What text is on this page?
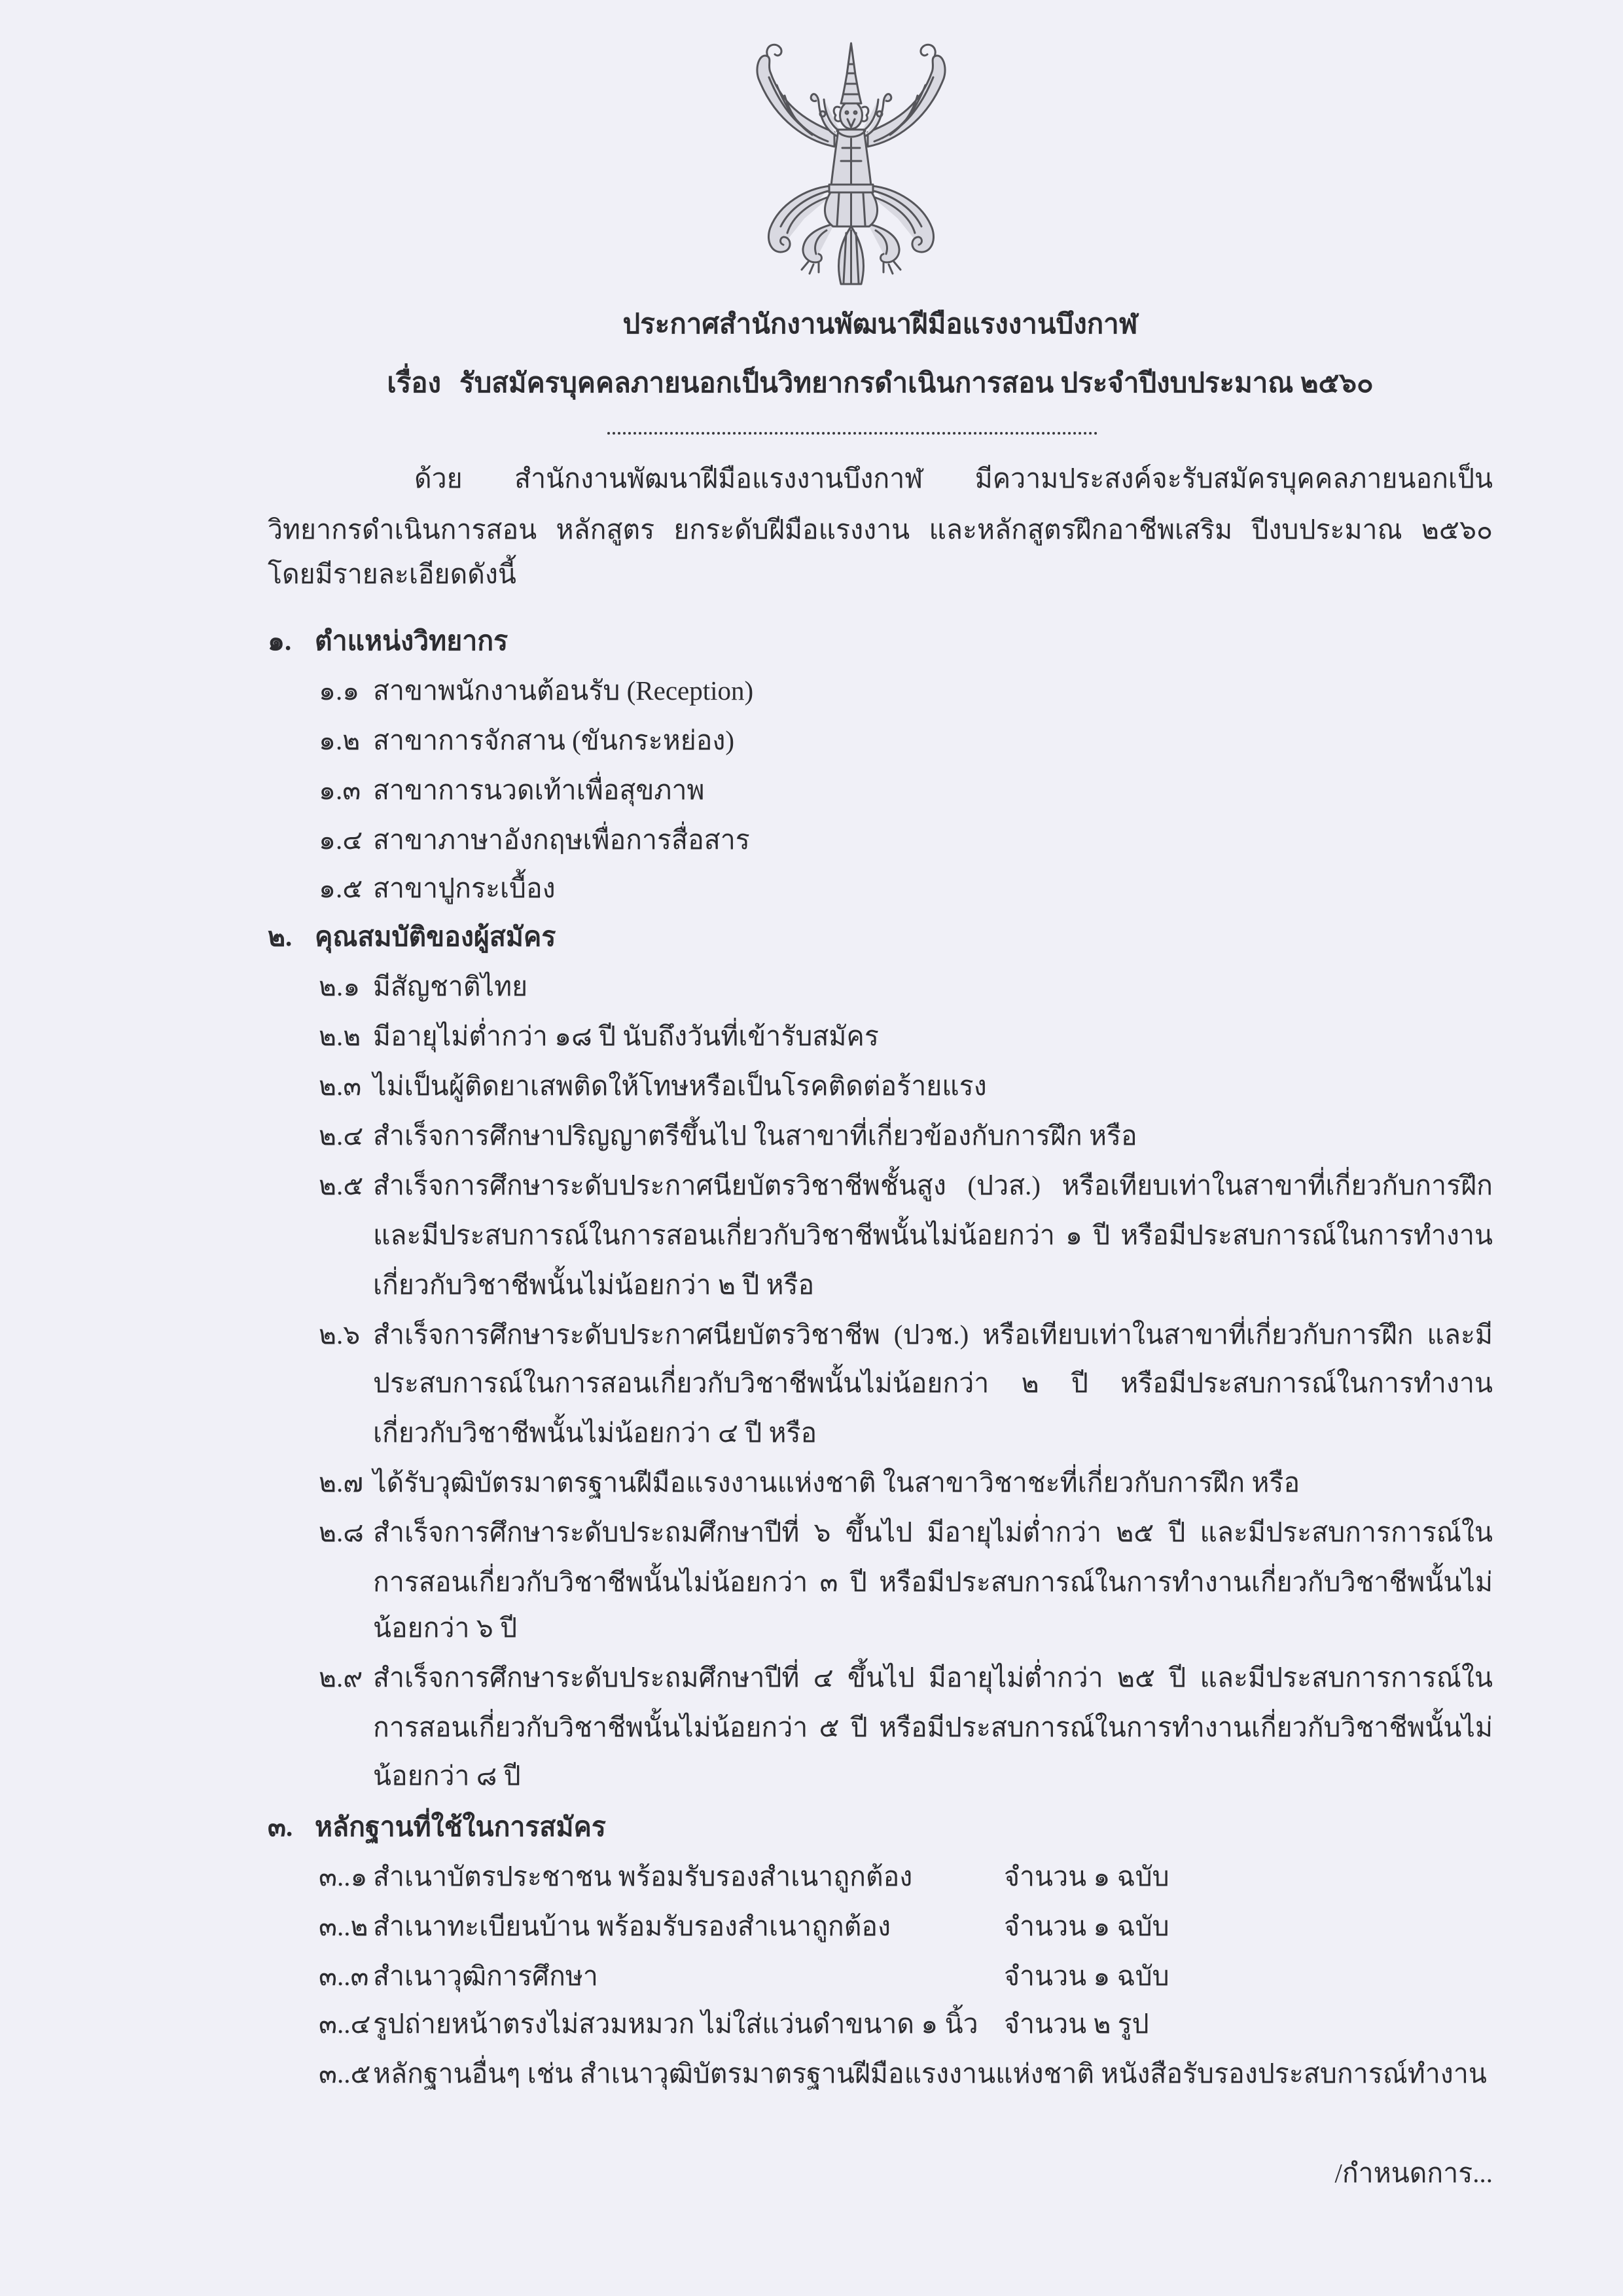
ประกาศสำนักงานพัฒนาฝีมือแรงงานบึงกาฬ
เรื่อง รับสมัครบุคคลภายนอกเป็นวิทยากรดำเนินการสอน ประจำปีงบประมาณ ๒๕๖๐
ด้วย สำนักงานพัฒนาฝีมือแรงงานบึงกาฬ มีความประสงค์จะรับสมัครบุคคลภายนอกเป็น
วิทยากรดำเนินการสอน หลักสูตร ยกระดับฝีมือแรงงาน และหลักสูตรฝึกอาชีพเสริม ปีงบประมาณ ๒๕๖๐
โดยมีรายละเอียดดังนี้
๑. ตำแหน่งวิทยากร
๑.๑ สาขาพนักงานต้อนรับ (Reception)
๑.๒ สาขาการจักสาน (ขันกระหย่อง)
๑.๓ สาขาการนวดเท้าเพื่อสุขภาพ
๑.๔ สาขาภาษาอังกฤษเพื่อการสื่อสาร
๑.๕ สาขาปูกระเบื้อง
๒. คุณสมบัติของผู้สมัคร
๒.๑ มีสัญชาติไทย
๒.๒ มีอายุไม่ต่ำกว่า ๑๘ ปี นับถึงวันที่เข้ารับสมัคร
๒.๓ ไม่เป็นผู้ติดยาเสพติดให้โทษหรือเป็นโรคติดต่อร้ายแรง
๒.๔ สำเร็จการศึกษาปริญญาตรีขึ้นไป ในสาขาที่เกี่ยวข้องกับการฝึก หรือ
๒.๕ สำเร็จการศึกษาระดับประกาศนียบัตรวิชาชีพชั้นสูง (ปวส.) หรือเทียบเท่าในสาขาที่เกี่ยวกับการฝึก
และมีประสบการณ์ในการสอนเกี่ยวกับวิชาชีพนั้นไม่น้อยกว่า ๑ ปี หรือมีประสบการณ์ในการทำงาน
เกี่ยวกับวิชาชีพนั้นไม่น้อยกว่า ๒ ปี หรือ
๒.๖ สำเร็จการศึกษาระดับประกาศนียบัตรวิชาชีพ (ปวช.) หรือเทียบเท่าในสาขาที่เกี่ยวกับการฝึก และมี
ประสบการณ์ในการสอนเกี่ยวกับวิชาชีพนั้นไม่น้อยกว่า ๒ ปี หรือมีประสบการณ์ในการทำงาน
เกี่ยวกับวิชาชีพนั้นไม่น้อยกว่า ๔ ปี หรือ
๒.๗ ได้รับวุฒิบัตรมาตรฐานฝีมือแรงงานแห่งชาติ ในสาขาวิชาชะที่เกี่ยวกับการฝึก หรือ
๒.๘ สำเร็จการศึกษาระดับประถมศึกษาปีที่ ๖ ขึ้นไป มีอายุไม่ต่ำกว่า ๒๕ ปี และมีประสบการการณ์ใน
การสอนเกี่ยวกับวิชาชีพนั้นไม่น้อยกว่า ๓ ปี หรือมีประสบการณ์ในการทำงานเกี่ยวกับวิชาชีพนั้นไม่
น้อยกว่า ๖ ปี
๒.๙ สำเร็จการศึกษาระดับประถมศึกษาปีที่ ๔ ขึ้นไป มีอายุไม่ต่ำกว่า ๒๕ ปี และมีประสบการการณ์ใน
การสอนเกี่ยวกับวิชาชีพนั้นไม่น้อยกว่า ๕ ปี หรือมีประสบการณ์ในการทำงานเกี่ยวกับวิชาชีพนั้นไม่
น้อยกว่า ๘ ปี
๓. หลักฐานที่ใช้ในการสมัคร
๓..๑ สำเนาบัตรประชาชน พร้อมรับรองสำเนาถูกต้อง	จำนวน ๑ ฉบับ
๓..๒ สำเนาทะเบียนบ้าน พร้อมรับรองสำเนาถูกต้อง	จำนวน ๑ ฉบับ
๓..๓ สำเนาวุฒิการศึกษา	จำนวน ๑ ฉบับ
๓..๔ รูปถ่ายหน้าตรงไม่สวมหมวก ไม่ใส่แว่นดำขนาด ๑ นิ้ว จำนวน ๒ รูป
๓..๕ หลักฐานอื่นๆ เช่น สำเนาวุฒิบัตรมาตรฐานฝีมือแรงงานแห่งชาติ หนังสือรับรองประสบการณ์ทำงาน
/กำหนดการ...
